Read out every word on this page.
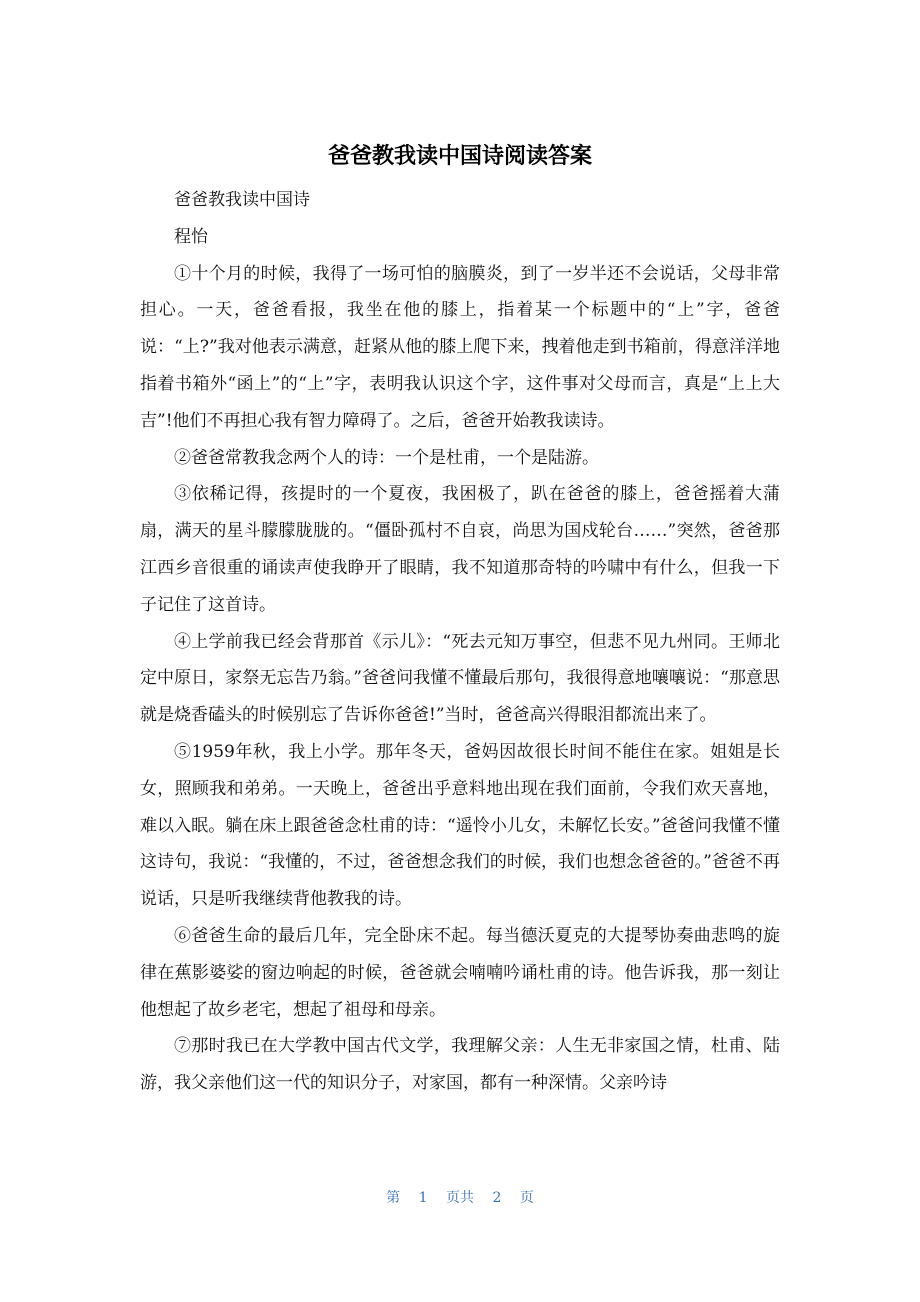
爸爸教我读中国诗阅读答案

爸爸教我读中国诗

程怡

①十个月的时候，我得了一场可怕的脑膜炎，到了一岁半还不会说话，父母非常担心。一天，爸爸看报，我坐在他的膝上，指着某一个标题中的“上”字，爸爸说：“上?”我对他表示满意，赶紧从他的膝上爬下来，拽着他走到书箱前，得意洋洋地指着书箱外“函上”的“上”字，表明我认识这个字，这件事对父母而言，真是“上上大吉”!他们不再担心我有智力障碍了。之后，爸爸开始教我读诗。

②爸爸常教我念两个人的诗：一个是杜甫，一个是陆游。

③依稀记得，孩提时的一个夏夜，我困极了，趴在爸爸的膝上，爸爸摇着大蒲扇，满天的星斗朦朦胧胧的。“僵卧孤村不自哀，尚思为国戍轮台……”突然，爸爸那江西乡音很重的诵读声使我睁开了眼睛，我不知道那奇特的吟啸中有什么，但我一下子记住了这首诗。

④上学前我已经会背那首《示儿》：“死去元知万事空，但悲不见九州同。王师北定中原日，家祭无忘告乃翁。”爸爸问我懂不懂最后那句，我很得意地嚷嚷说：“那意思就是烧香磕头的时候别忘了告诉你爸爸!”当时，爸爸高兴得眼泪都流出来了。

⑤1959年秋，我上小学。那年冬天，爸妈因故很长时间不能住在家。姐姐是长女，照顾我和弟弟。一天晚上，爸爸出乎意料地出现在我们面前，令我们欢天喜地，难以入眠。躺在床上跟爸爸念杜甫的诗：“遥怜小儿女，未解忆长安。”爸爸问我懂不懂这诗句，我说：“我懂的，不过，爸爸想念我们的时候，我们也想念爸爸的。”爸爸不再说话，只是听我继续背他教我的诗。

⑥爸爸生命的最后几年，完全卧床不起。每当德沃夏克的大提琴协奏曲悲鸣的旋律在蕉影婆娑的窗边响起的时候，爸爸就会喃喃吟诵杜甫的诗。他告诉我，那一刻让他想起了故乡老宅，想起了祖母和母亲。

⑦那时我已在大学教中国古代文学，我理解父亲：人生无非家国之情，杜甫、陆游，我父亲他们这一代的知识分子，对家国，都有一种深情。父亲吟诗

第 1 页共 2 页
